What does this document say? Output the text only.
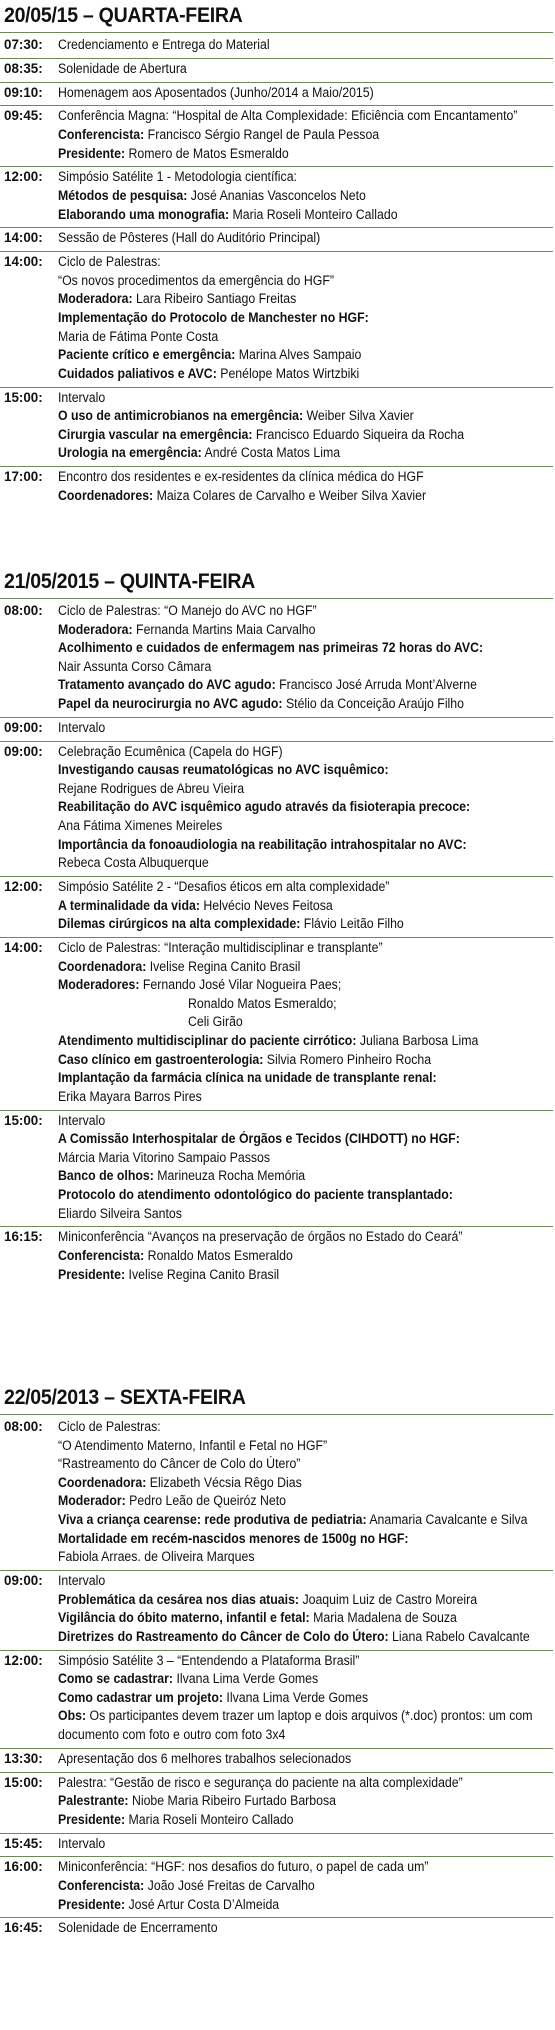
20/05/15 – QUARTA-FEIRA
07:30: Credenciamento e Entrega do Material
08:35: Solenidade de Abertura
09:10: Homenagem aos Aposentados (Junho/2014 a Maio/2015)
09:45: Conferência Magna: “Hospital de Alta Complexidade: Eficiência com Encantamento”
Conferencista: Francisco Sérgio Rangel de Paula Pessoa
Presidente: Romero de Matos Esmeraldo
12:00: Simpósio Satélite 1 - Metodologia científica:
Métodos de pesquisa: José Ananias Vasconcelos Neto
Elaborando uma monografia: Maria Roseli Monteiro Callado
14:00: Sessão de Pôsteres (Hall do Auditório Principal)
14:00: Ciclo de Palestras:
“Os novos procedimentos da emergência do HGF”
Moderadora: Lara Ribeiro Santiago Freitas
Implementação do Protocolo de Manchester no HGF:
Maria de Fátima Ponte Costa
Paciente crítico e emergência: Marina Alves Sampaio
Cuidados paliativos e AVC: Penélope Matos Wirtzbiki
15:00: Intervalo
O uso de antimicrobianos na emergência: Weiber Silva Xavier
Cirurgia vascular na emergência: Francisco Eduardo Siqueira da Rocha
Urologia na emergência: André Costa Matos Lima
17:00: Encontro dos residentes e ex-residentes da clínica médica do HGF
Coordenadores: Maiza Colares de Carvalho e Weiber Silva Xavier
21/05/2015 – QUINTA-FEIRA
08:00: Ciclo de Palestras: “O Manejo do AVC no HGF”
Moderadora: Fernanda Martins Maia Carvalho
Acolhimento e cuidados de enfermagem nas primeiras 72 horas do AVC:
Nair Assunta Corso Câmara
Tratamento avançado do AVC agudo: Francisco José Arruda Mont’Alverne
Papel da neurocirurgia no AVC agudo: Stélio da Conceição Araújo Filho
09:00: Intervalo
09:00: Celebração Ecumênica (Capela do HGF)
Investigando causas reumatológicas no AVC isquêmico:
Rejane Rodrigues de Abreu Vieira
Reabilitação do AVC isquêmico agudo através da fisioterapia precoce:
Ana Fátima Ximenes Meireles
Importância da fonoaudiologia na reabilitação intrahospitalar no AVC:
Rebeca Costa Albuquerque
12:00: Simpósio Satélite 2 - “Desafios éticos em alta complexidade”
A terminalidade da vida: Helvécio Neves Feitosa
Dilemas cirúrgicos na alta complexidade: Flávio Leitão Filho
14:00: Ciclo de Palestras: “Interação multidisciplinar e transplante”
Coordenadora: Ivelise Regina Canito Brasil
Moderadores: Fernando José Vilar Nogueira Paes;
Ronaldo Matos Esmeraldo;
Celi Girão
Atendimento multidisciplinar do paciente cirrótico: Juliana Barbosa Lima
Caso clínico em gastroenterologia: Silvia Romero Pinheiro Rocha
Implantação da farmácia clínica na unidade de transplante renal:
Erika Mayara Barros Pires
15:00: Intervalo
A Comissão Interhospitalar de Órgãos e Tecidos (CIHDOTT) no HGF:
Márcia Maria Vitorino Sampaio Passos
Banco de olhos: Marineuza Rocha Memória
Protocolo do atendimento odontológico do paciente transplantado:
Eliardo Silveira Santos
16:15: Miniconferência “Avanços na preservação de órgãos no Estado do Ceará”
Conferencista: Ronaldo Matos Esmeraldo
Presidente: Ivelise Regina Canito Brasil
22/05/2013 – SEXTA-FEIRA
08:00: Ciclo de Palestras:
“O Atendimento Materno, Infantil e Fetal no HGF”
“Rastreamento do Câncer de Colo do Útero”
Coordenadora: Elizabeth Vécsia Rêgo Dias
Moderador: Pedro Leão de Queiróz Neto
Viva a criança cearense: rede produtiva de pediatria: Anamaria Cavalcante e Silva
Mortalidade em recém-nascidos menores de 1500g no HGF:
Fabiola Arraes. de Oliveira Marques
09:00: Intervalo
Problemática da cesárea nos dias atuais: Joaquim Luiz de Castro Moreira
Vigilância do óbito materno, infantil e fetal: Maria Madalena de Souza
Diretrizes do Rastreamento do Câncer de Colo do Útero: Liana Rabelo Cavalcante
12:00: Simpósio Satélite 3 – “Entendendo a Plataforma Brasil”
Como se cadastrar: Ilvana Lima Verde Gomes
Como cadastrar um projeto: Ilvana Lima Verde Gomes
Obs: Os participantes devem trazer um laptop e dois arquivos (*.doc) prontos: um com
documento com foto e outro com foto 3x4
13:30: Apresentação dos 6 melhores trabalhos selecionados
15:00: Palestra: “Gestão de risco e segurança do paciente na alta complexidade”
Palestrante: Niobe Maria Ribeiro Furtado Barbosa
Presidente: Maria Roseli Monteiro Callado
15:45: Intervalo
16:00: Miniconferência: “HGF: nos desafios do futuro, o papel de cada um”
Conferencista: João José Freitas de Carvalho
Presidente: José Artur Costa D’Almeida
16:45: Solenidade de Encerramento
